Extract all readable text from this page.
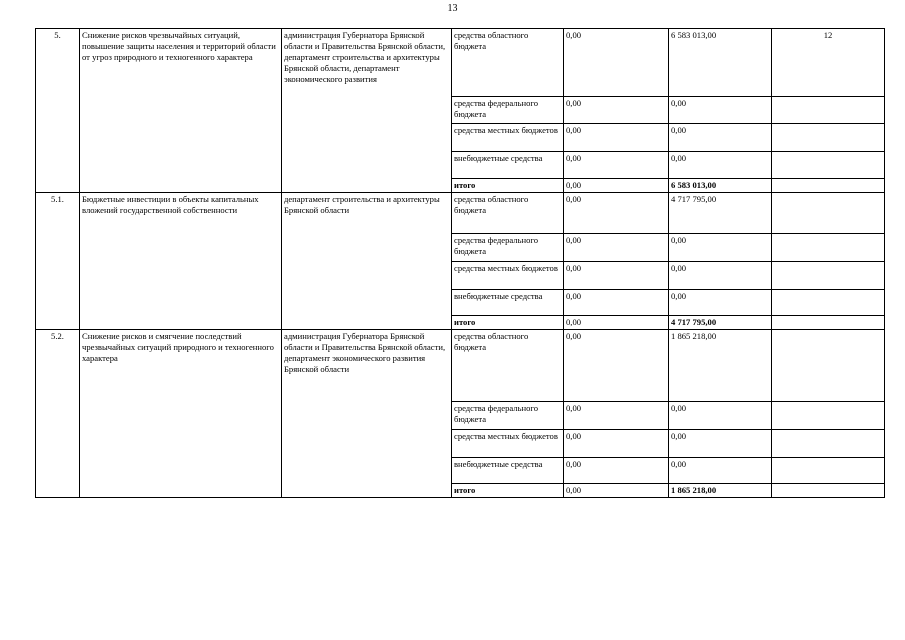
13
5.	Снижение рисков чрезвычайных ситуаций, повышение защиты населения и территорий области от угроз природного и техногенного характера	администрация Губернатора Брянской области и Правительства Брянской области, департамент строительства и архитектуры Брянской области, департамент экономического развития	средства областного бюджета	0,00	6 583 013,00	12
			средства федерального бюджета	0,00	0,00	
			средства местных бюджетов	0,00	0,00	
			внебюджетные средства	0,00	0,00	
			итого	0,00	6 583 013,00	
5.1.	Бюджетные инвестиции в объекты капитальных вложений государственной собственности	департамент строительства и архитектуры Брянской области	средства областного бюджета	0,00	4 717 795,00	
			средства федерального бюджета	0,00	0,00	
			средства местных бюджетов	0,00	0,00	
			внебюджетные средства	0,00	0,00	
			итого	0,00	4 717 795,00	
5.2.	Снижение рисков и смягчение последствий чрезвычайных ситуаций природного и техногенного характера	администрация Губернатора Брянской области и Правительства Брянской области, департамент экономического развития Брянской области	средства областного бюджета	0,00	1 865 218,00	
			средства федерального бюджета	0,00	0,00	
			средства местных бюджетов	0,00	0,00	
			внебюджетные средства	0,00	0,00	
			итого	0,00	1 865 218,00	
